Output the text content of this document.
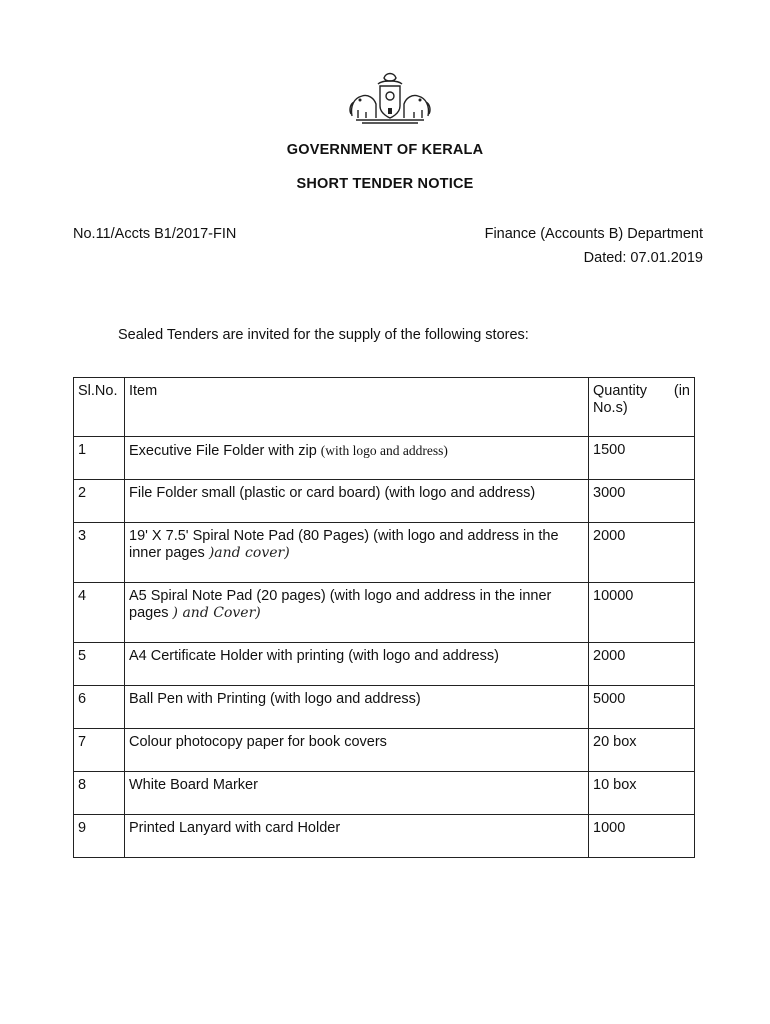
GOVERNMENT OF KERALA
SHORT TENDER NOTICE
No.11/Accts B1/2017-FIN	Finance (Accounts B) Department
Dated: 07.01.2019
Sealed Tenders are invited for the supply of the following stores:
Sl.No.	Item	Quantity (in
No.s)

1	Executive File Folder with zip (with logo and address)	1500
2	File Folder small (plastic or card board) (with logo and address)	3000
3	19' X 7.5' Spiral Note Pad (80 Pages) (with logo and address in the inner pages )and cover)	2000
4	A5 Spiral Note Pad (20 pages) (with logo and address in the inner pages ) and Cover)	10000
5	A4 Certificate Holder with printing (with logo and address)	2000
6	Ball Pen with Printing (with logo and address)	5000
7	Colour photocopy paper for book covers	20 box
8	White Board Marker	10 box
9	Printed Lanyard with card Holder	1000
